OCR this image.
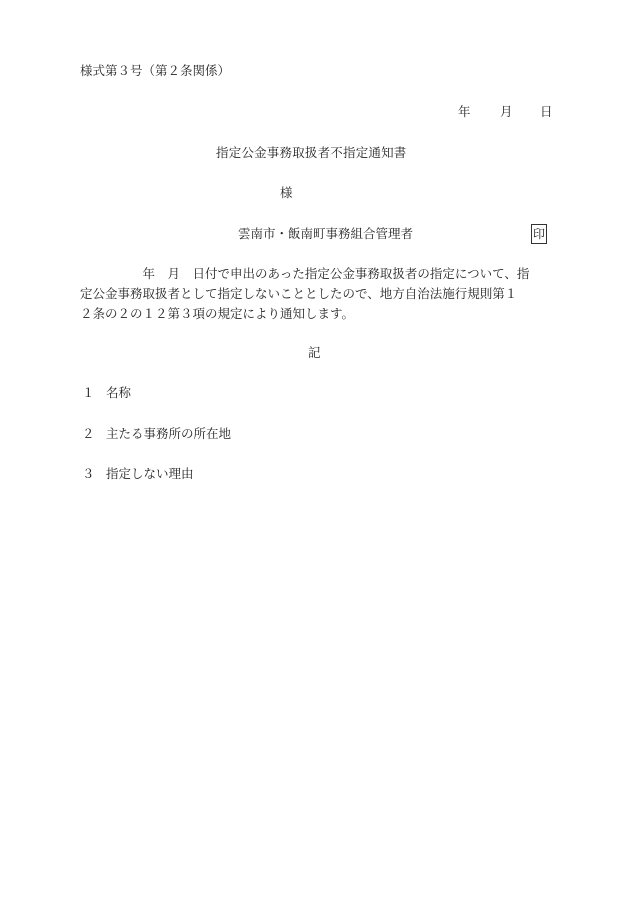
様式第３号（第２条関係）
年 月 日
指定公金事務取扱者不指定通知書
様
雲南市・飯南町事務組合管理者	印
　　　　　年　月　日付で申出のあった指定公金事務取扱者の指定について、指
定公金事務取扱者として指定しないこととしたので、地方自治法施行規則第１
２条の２の１２第３項の規定により通知します。
記
１ 名称
２ 主たる事務所の所在地
３ 指定しない理由
